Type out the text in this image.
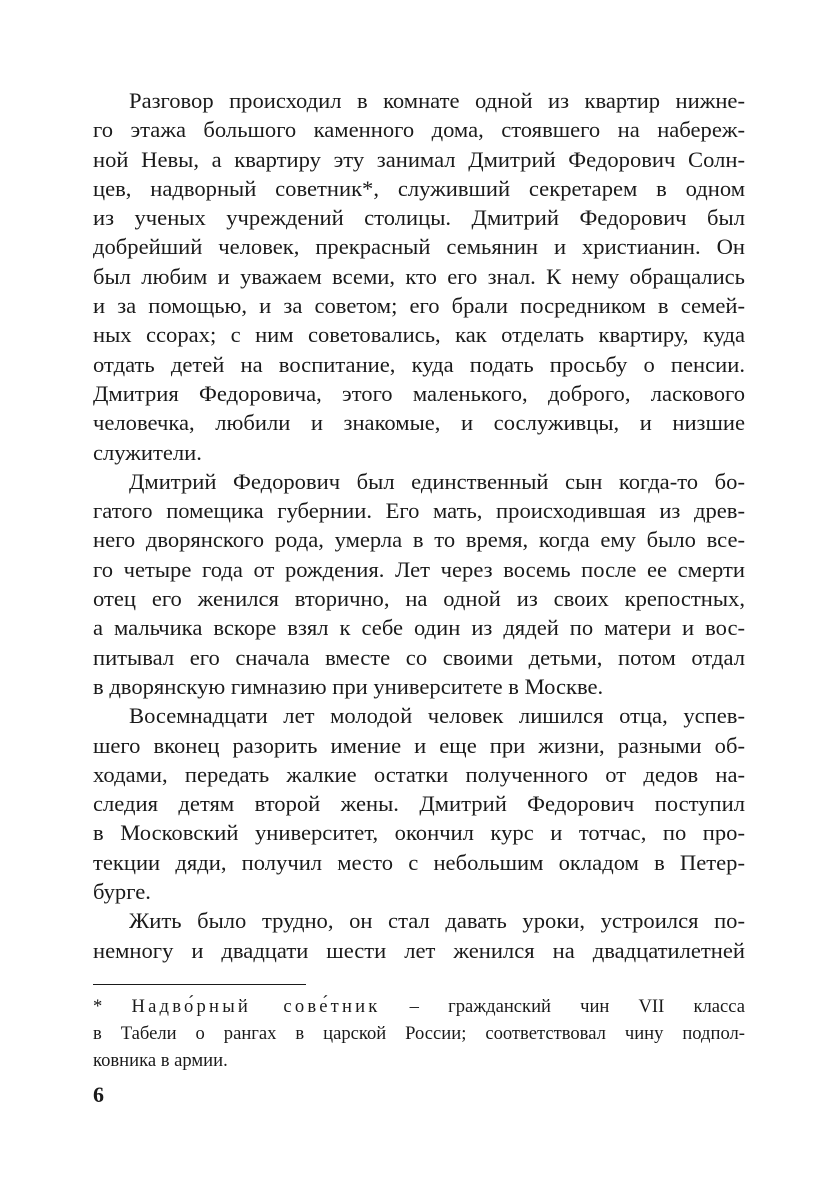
Разговор происходил в комнате одной из квартир нижне-
го этажа большого каменного дома, стоявшего на набереж-
ной Невы, а квартиру эту занимал Дмитрий Федорович Солн-
цев, надворный советник*, служивший секретарем в одном
из ученых учреждений столицы. Дмитрий Федорович был
добрейший человек, прекрасный семьянин и христианин. Он
был любим и уважаем всеми, кто его знал. К нему обращались
и за помощью, и за советом; его брали посредником в семей-
ных ссорах; с ним советовались, как отделать квартиру, куда
отдать детей на воспитание, куда подать просьбу о пенсии.
Дмитрия Федоровича, этого маленького, доброго, ласкового
человечка, любили и знакомые, и сослуживцы, и низшие
служители.
Дмитрий Федорович был единственный сын когда-то бо-
гатого помещика губернии. Его мать, происходившая из древ-
него дворянского рода, умерла в то время, когда ему было все-
го четыре года от рождения. Лет через восемь после ее смерти
отец его женился вторично, на одной из своих крепостных,
а мальчика вскоре взял к себе один из дядей по матери и вос-
питывал его сначала вместе со своими детьми, потом отдал
в дворянскую гимназию при университете в Москве.
Восемнадцати лет молодой человек лишился отца, успев-
шего вконец разорить имение и еще при жизни, разными об-
ходами, передать жалкие остатки полученного от дедов на-
следия детям второй жены. Дмитрий Федорович поступил
в Московский университет, окончил курс и тотчас, по про-
текции дяди, получил место с небольшим окладом в Петер-
бурге.
Жить было трудно, он стал давать уроки, устроился по-
немногу и двадцати шести лет женился на двадцатилетней
* Надво́рный сове́тник – гражданский чин VII класса
в Табели о рангах в царской России; соответствовал чину подпол-
ковника в армии.
6
